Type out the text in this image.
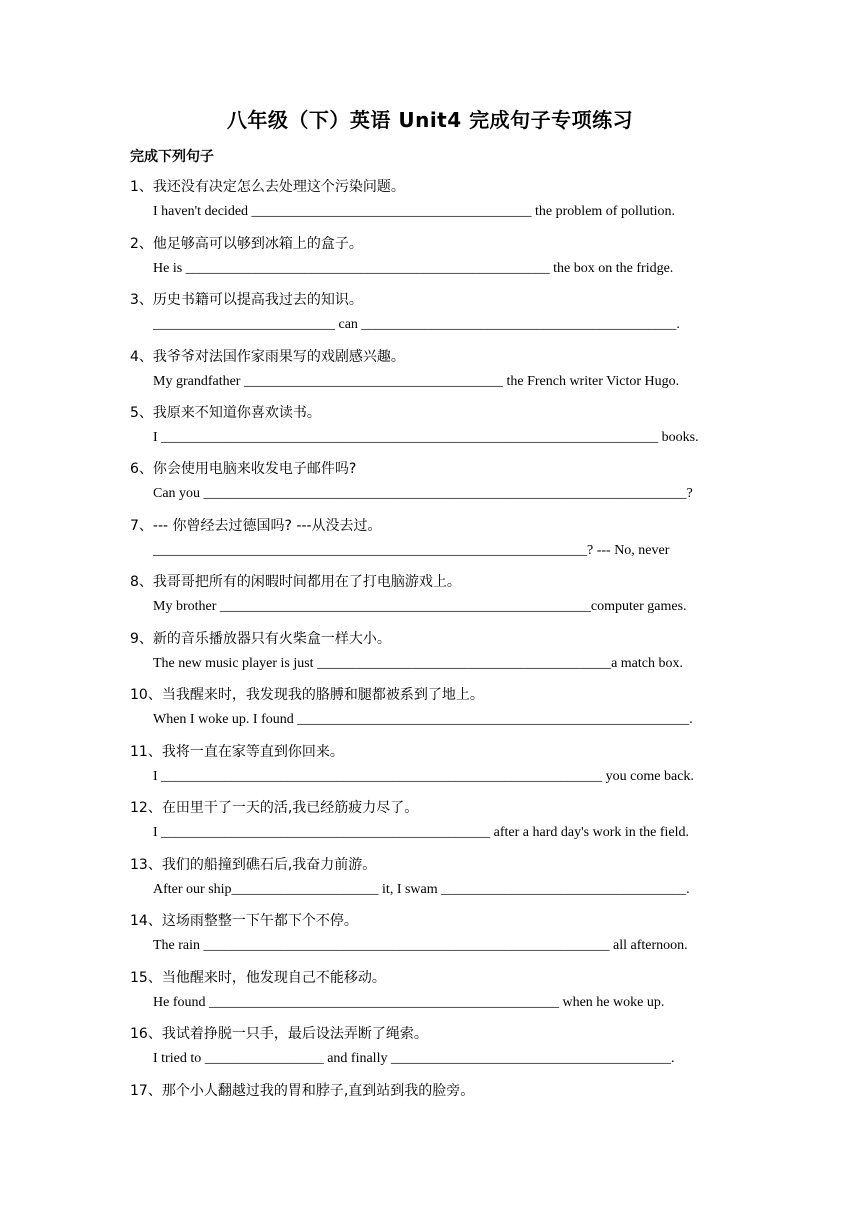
八年级（下）英语 Unit4 完成句子专项练习
完成下列句子
1、我还没有决定怎么去处理这个污染问题。
I haven't decided ________________________________________ the problem of pollution.
2、他足够高可以够到冰箱上的盒子。
He is ____________________________________________________ the box on the fridge.
3、历史书籍可以提高我过去的知识。
__________________________ can _____________________________________________.
4、我爷爷对法国作家雨果写的戏剧感兴趣。
My grandfather _____________________________________ the French writer Victor Hugo.
5、我原来不知道你喜欢读书。
I _______________________________________________________________________ books.
6、你会使用电脑来收发电子邮件吗?
Can you _____________________________________________________________________?
7、--- 你曾经去过德国吗? ---从没去过。
______________________________________________________________? --- No, never
8、我哥哥把所有的闲暇时间都用在了打电脑游戏上。
My brother _____________________________________________________computer games.
9、新的音乐播放器只有火柴盒一样大小。
The new music player is just __________________________________________a match box.
10、当我醒来时，我发现我的胳膊和腿都被系到了地上。
When I woke up. I found ________________________________________________________.
11、我将一直在家等直到你回来。
I _______________________________________________________________ you come back.
12、在田里干了一天的活,我已经筋疲力尽了。
I _______________________________________________ after a hard day's work in the field.
13、我们的船撞到礁石后,我奋力前游。
After our ship_____________________ it, I swam ___________________________________.
14、这场雨整整一下午都下个不停。
The rain __________________________________________________________ all afternoon.
15、当他醒来时，他发现自己不能移动。
He found __________________________________________________ when he woke up.
16、我试着挣脱一只手，最后设法弄断了绳索。
I tried to _________________ and finally ________________________________________.
17、那个小人翻越过我的胃和脖子,直到站到我的脸旁。
